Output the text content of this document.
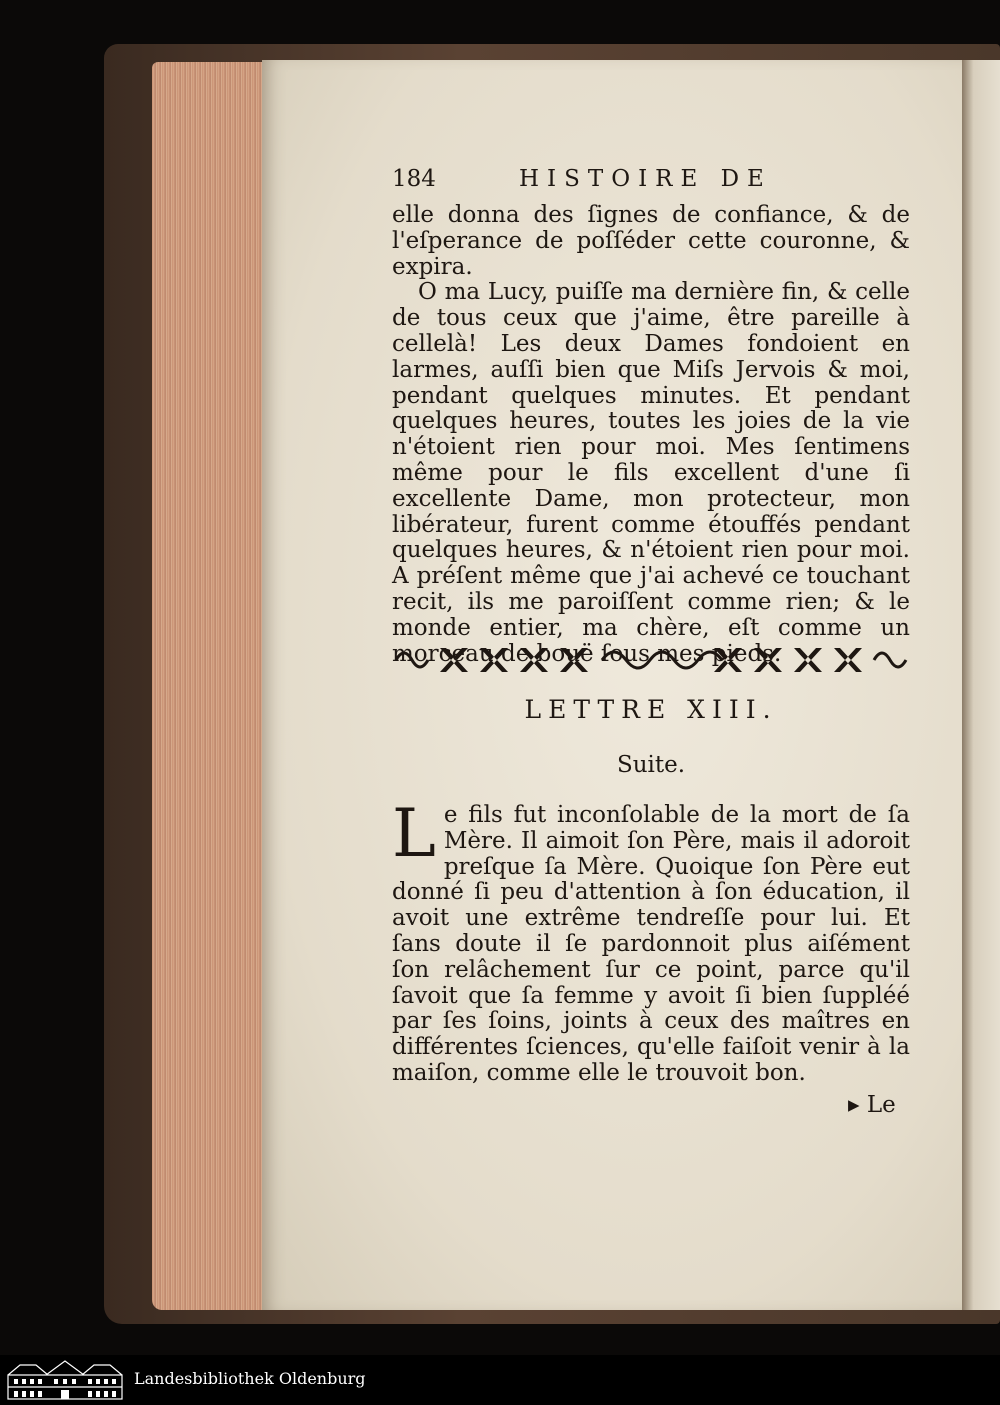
184	HISTOIRE DE

elle donna des ſignes de confiance, & de l'eſperance de poſſéder cette couronne, & expira.

O ma Lucy, puiſſe ma dernière fin, & celle de tous ceux que j'aime, être pareille à cellelà! Les deux Dames fondoient en larmes, auſſi bien que Miſs Jervois & moi, pendant quelques minutes. Et pendant quelques heures, toutes les joies de la vie n'étoient rien pour moi. Mes ſentimens même pour le fils excellent d'une ſi excellente Dame, mon protecteur, mon libérateur, furent comme étouffés pendant quelques heures, & n'étoient rien pour moi. A préſent même que j'ai achevé ce touchant recit, ils me paroiſſent comme rien; & le monde entier, ma chère, eſt comme un morceau de bouë ſous mes pieds.

LETTRE XIII.
Suite.

Le fils fut inconſolable de la mort de ſa Mère. Il aimoit ſon Père, mais il adoroit preſque ſa Mère. Quoique ſon Père eut donné ſi peu d'attention à ſon éducation, il avoit une extrême tendreſſe pour lui. Et ſans doute il ſe pardonnoit plus aiſément ſon relâchement ſur ce point, parce qu'il ſavoit que ſa femme y avoit ſi bien ſuppléé par ſes ſoins, joints à ceux des maîtres en différentes ſciences, qu'elle faiſoit venir à la maiſon, comme elle le trouvoit bon.

▸ Le
Landesbibliothek Oldenburg
